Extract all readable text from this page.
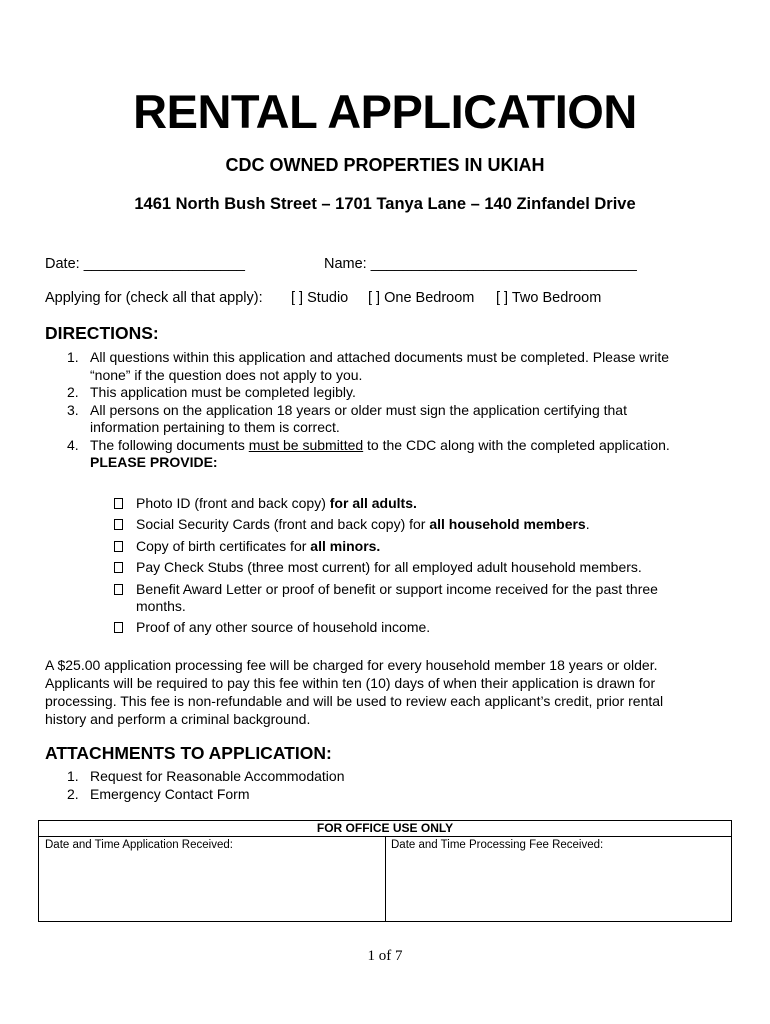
RENTAL APPLICATION
CDC OWNED PROPERTIES IN UKIAH
1461 North Bush Street – 1701 Tanya Lane – 140 Zinfandel Drive
Date: ____________________	Name: _________________________________
Applying for (check all that apply): [ ] Studio [ ] One Bedroom [ ] Two Bedroom
DIRECTIONS:
1. All questions within this application and attached documents must be completed. Please write
“none” if the question does not apply to you.
2. This application must be completed legibly.
3. All persons on the application 18 years or older must sign the application certifying that
information pertaining to them is correct.
4. The following documents must be submitted to the CDC along with the completed application.
PLEASE PROVIDE:
Photo ID (front and back copy) for all adults.
Social Security Cards (front and back copy) for all household members.
Copy of birth certificates for all minors.
Pay Check Stubs (three most current) for all employed adult household members.
Benefit Award Letter or proof of benefit or support income received for the past three
months.
Proof of any other source of household income.
A $25.00 application processing fee will be charged for every household member 18 years or older.
Applicants will be required to pay this fee within ten (10) days of when their application is drawn for
processing. This fee is non-refundable and will be used to review each applicant’s credit, prior rental
history and perform a criminal background.
ATTACHMENTS TO APPLICATION:
1. Request for Reasonable Accommodation
2. Emergency Contact Form
FOR OFFICE USE ONLY
Date and Time Application Received:	Date and Time Processing Fee Received:
1 of 7
